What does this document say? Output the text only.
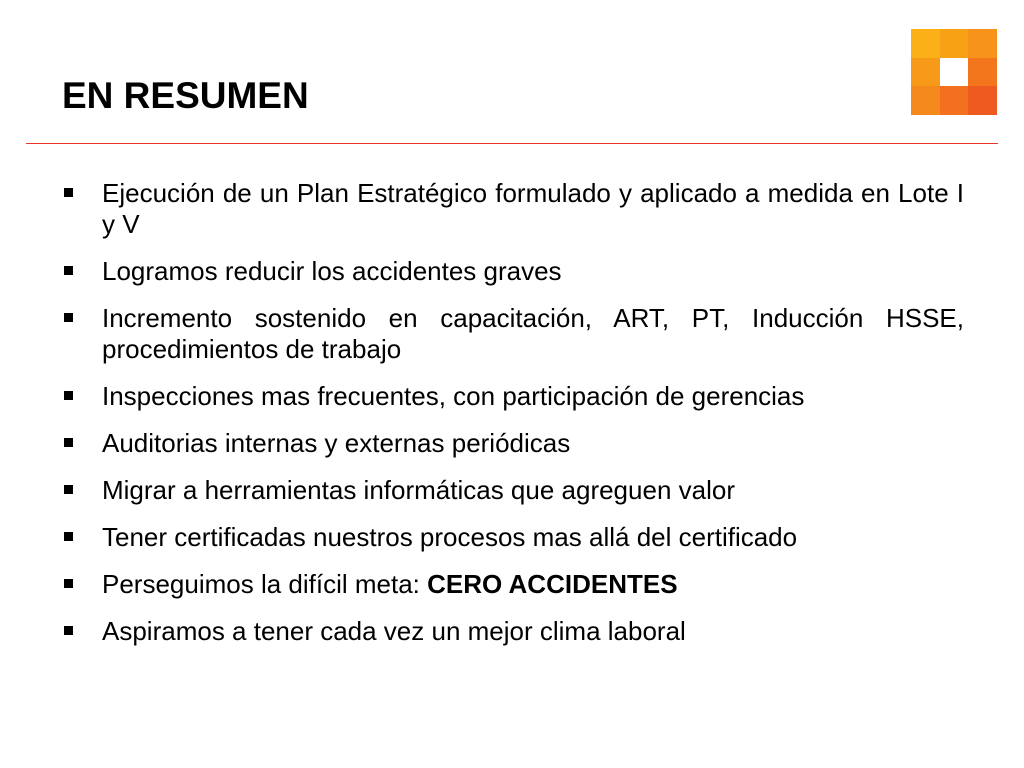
EN RESUMEN
Ejecución de un Plan Estratégico formulado y aplicado a medida en Lote I y V
Logramos reducir los accidentes graves
Incremento sostenido en capacitación, ART, PT, Inducción HSSE, procedimientos de trabajo
Inspecciones mas frecuentes, con participación de gerencias
Auditorias internas y externas periódicas
Migrar a herramientas informáticas que agreguen valor
Tener certificadas nuestros procesos mas allá del certificado
Perseguimos la difícil meta: CERO ACCIDENTES
Aspiramos a tener cada vez un mejor clima laboral
